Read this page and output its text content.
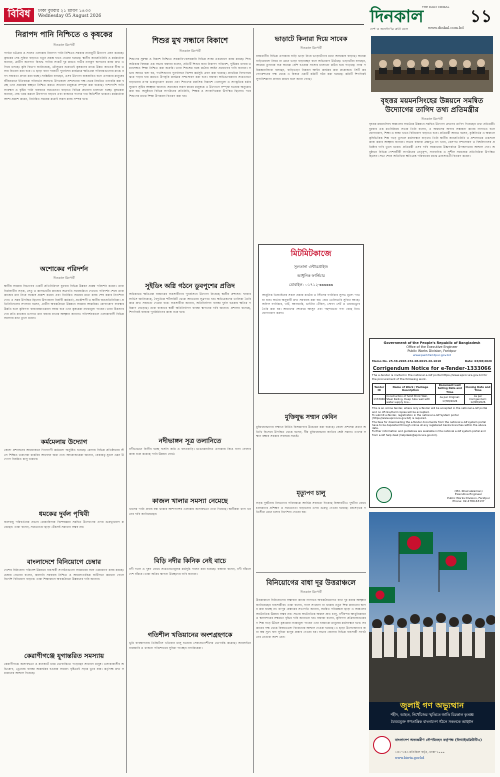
বিবিধ	ঢাকা বুধবার ২১ শ্রাবণ ১৪৩৩
Wednesday 05 August 2026	দিনকাল	১১
THE DAILY DINKAL
দেশ ও জনগণের কথা বলে	www.dinkal.com.bd
নিরাপদ পানি নিশ্চিতে ও কৃষকের
দিনকাল রিপোর্ট
পার্বত্য চট্টগ্রাম ও সংলগ্ন এলাকায় নিরাপদ পানি নিশ্চিতে সরকার নানামুখী উদ্যোগ গ্রহণ করেছে। কৃষকের সেচ সুবিধা বাড়াতে নতুন প্রকল্প হাতে নেওয়া হয়েছে। স্থানীয় জনপ্রতিনিধি ও কর্মকর্তারা জানান, গ্রামীণ জনপদে বিশুদ্ধ পানির সংকট দূর করতে গভীর নলকূপ স্থাপনের কাজ দ্রুত এগিয়ে চলছে। কৃষি বিভাগ জানিয়েছে, মৌসুমের শুরুতেই কৃষকদের মাঝে উন্নত জাতের বীজ ও সার বিতরণ করা হবে। এ ছাড়া বন্যা পরবর্তী পুনর্বাসন কার্যক্রমে ক্ষতিগ্রস্ত পরিবারগুলোর মাঝে নগদ সহায়তা প্রদান করা হচ্ছে। সংশ্লিষ্টরা বলছেন, এসব উদ্যোগ বাস্তবায়িত হলে এলাকার মানুষের জীবনমানে ইতিবাচক পরিবর্তন আসবে। উপজেলা প্রশাসনের পক্ষ থেকে নিয়মিত তদারকি করা হচ্ছে এবং প্রকল্পের স্বচ্ছতা নিশ্চিত করতে সাধারণ মানুষকে সম্পৃক্ত করা হয়েছে। পাশাপাশি পানি সংরক্ষণ ও বৃষ্টির পানি ব্যবহারে সচেতনতা বাড়াতে বিভিন্ন প্রচারণা চালানো হচ্ছে। কৃষকেরা জানান, সেচ খরচ কমলে উৎপাদন বাড়বে এবং বাজারে পণ্যের দাম স্থিতিশীল থাকবে। কর্মকর্তারা আশা প্রকাশ করেন, নির্ধারিত সময়ের মধ্যেই সকল কাজ সম্পন্ন হবে।
অশোকের পরিদর্শন
দিনকাল রিপোর্ট
স্থানীয় সরকার বিভাগের একটি প্রতিনিধিদল বুধবার বিভিন্ন উন্নয়ন প্রকল্প পরিদর্শন করেন। তারা নির্মাণাধীন সড়ক, সেতু ও কালভার্টের কাজের অগ্রগতি সরেজমিনে দেখেন। পরিদর্শন শেষে তারা কাজের মান নিয়ে সন্তোষ প্রকাশ করেন এবং নির্ধারিত সময়ের মধ্যে কাজ শেষ করার নির্দেশনা দেন। এ সময় উপস্থিত ছিলেন উপজেলা নির্বাহী কর্মকর্তা, প্রকৌশলী ও স্থানীয় জনপ্রতিনিধিরা। প্রতিনিধিদলের সদস্যরা বলেন, গ্রামীণ অবকাঠামো উন্নয়নে সরকার আন্তরিক। যোগাযোগ ব্যবস্থার উন্নতি হলে কৃষিপণ্য বাজারজাতকরণ সহজ হবে এবং কৃষকেরা ন্যায্যমূল্য পাবেন। তারা ঠিকাদারদের প্রতি কাজের গুণগত মান বজায় রাখার আহ্বান জানান। পরিদর্শনকালে এলাকাবাসী বিভিন্ন সমস্যার কথা তুলে ধরেন।
কর্মমেলায় উদ্যোগ
জেলা প্রশাসনের আয়োজনে দিনব্যাপী কর্মমেলা অনুষ্ঠিত হয়েছে। মেলায় বিভিন্ন প্রতিষ্ঠানের স্টলে শিক্ষিত তরুণেরা চাকরির আবেদন জমা দেন। আয়োজকেরা জানান, বেকারত্ব হ্রাসে এমন উদ্যোগ নিয়মিত চালু থাকবে।
ধমকের দুর্বল পৃথিবী
জলবায়ু পরিবর্তনের প্রভাব মোকাবিলায় বিশেষজ্ঞরা সমন্বিত উদ্যোগের ওপর গুরুত্বারোপ করেছেন। তারা বলেন, সচেতনতা ছাড়া টেকসই সমাধান সম্ভব নয়।
বাংলাদেশে বিনিয়োগে চেম্বার
দেশের বিনিয়োগ পরিবেশ উন্নয়নে ব্যবসায়ী সংগঠনগুলো সরকারের সঙ্গে একযোগে কাজ করছে। চেম্বার নেতারা বলেন, জ্বালানি সরবরাহ নিশ্চিত ও আমলাতান্ত্রিক জটিলতা কমানো গেলে বিদেশি বিনিয়োগ বাড়বে। তারা শিল্পাঞ্চলে অবকাঠামো উন্নয়নের দাবি জানান।
কেরাণীগঞ্জে যুগান্তরিত সমস্যায়
কেরাণীগঞ্জে জলাবদ্ধতা ও যানজটে চরম ভোগান্তিতে পড়েছেন সাধারণ মানুষ। এলাকাবাসীর অভিযোগ, ড্রেনেজ ব্যবস্থা অকার্যকর হওয়ায় সামান্য বৃষ্টিতেই সড়ক ডুবে যায়। কর্তৃপক্ষ দ্রুত সমাধানের আশ্বাস দিয়েছে।
শিশুর মুখ সন্ধানে বিকাশে
দিনকাল রিপোর্ট
শিশুদের সুরক্ষা ও বিকাশ নিশ্চিতে সরকারি-বেসরকারি বিভিন্ন সংস্থা একযোগে কাজ করছে। শিশু অধিকার বিষয়ক এক সভায় বক্তারা বলেন, প্রতিটি শিশুর জন্য নিরাপদ পরিবেশ, পুষ্টিকর খাবার ও মানসম্মত শিক্ষা নিশ্চিত করা জরুরি। তারা শিশুশ্রম বন্ধে কঠোর আইন প্রয়োগের দাবি জানান। সভায় আরও বলা হয়, পথশিশুদের পুনর্বাসনে বিশেষ কর্মসূচি গ্রহণ করা হয়েছে। প্রাথমিক বিদ্যালয়ে ঝরে পড়ার হার কমাতে উপবৃত্তি কার্যক্রম সম্প্রসারণ করা হবে। বক্তারা অভিভাবকদের সচেতনতা বাড়ানোর ওপর গুরুত্বারোপ করেন এবং শিশুদের মানসিক বিকাশে খেলাধুলা ও সাংস্কৃতিক চর্চার সুযোগ সৃষ্টির আহ্বান জানান। সমাজের সকল স্তরের মানুষকে এ উদ্যোগে সম্পৃক্ত হওয়ার অনুরোধ করা হয়। অনুষ্ঠানে বিভিন্ন সংগঠনের প্রতিনিধি, শিক্ষক ও সাংবাদিকেরা উপস্থিত ছিলেন। পরে শিশুদের মাঝে শিক্ষা উপকরণ বিতরণ করা হয়।
সুইডিং অগ্নি গঠনে ডুবপুশের প্রতিদ
অগ্নিকাণ্ডে ক্ষতিগ্রস্ত বাজারের ব্যবসায়ীদের পুনর্বাসনে উদ্যোগ নিয়েছে স্থানীয় প্রশাসন। ফায়ার সার্ভিস জানিয়েছে, বৈদ্যুতিক শর্টসার্কিট থেকে আগুনের সূত্রপাত হয়। ক্ষতিগ্রস্তদের তালিকা তৈরি করে দ্রুত সহায়তা দেওয়া হবে। ব্যবসায়ীরা জানান, অগ্নিনির্বাপণ ব্যবস্থা দুর্বল হওয়ায় ক্ষতির পরিমাণ বেড়েছে। তারা বাজারে স্থায়ী অগ্নিনির্বাপণ ব্যবস্থা স্থাপনের দাবি জানান। প্রশাসন বলেছে, শিগগিরই বাজার পুনর্নির্মাণের কাজ শুরু হবে।
নদীভাঙ্গন সূত্র তলানিতে
নদীভাঙনে বিলীন হচ্ছে ফসলি জমি ও বসতবাড়ি। ভাঙনকবলিত এলাকায় জিও ব্যাগ ফেলার কাজ শুরু করেছে পানি উন্নয়ন বোর্ড।
কাজল খালার সমস্যা নেমেছে
খালের পানি প্রবাহ বন্ধ থাকায় আশপাশের এলাকায় জলাবদ্ধতা দেখা দিয়েছে। স্থানীয়রা খাল খননের দাবি জানিয়েছেন।
বিড়ি নদীর কিনিক নেই বাচে
নদী দখল ও দূষণ রোধে সচেতনতামূলক কর্মসূচি পালন করা হয়েছে। বক্তারা বলেন, নদী বাঁচলে দেশ বাঁচবে। তারা অবৈধ স্থাপনা উচ্ছেদের দাবি জানান।
গতিশীল খতিয়ানের অংশগ্রহণকে
ভূমি ব্যবস্থাপনায় ডিজিটাল খতিয়ান চালু হওয়ায় সেবাপ্রত্যাশীদের ভোগান্তি কমেছে। অনলাইনে নামজারি ও খাজনা পরিশোধের সুবিধা পাচ্ছেন নাগরিকেরা।
ভাড়াটে কিনারা দিয়ে সাবেক
দিনকাল রিপোর্ট
রাজধানীর বিভিন্ন এলাকায় বাড়ি ভাড়া নিয়ে ভাড়াটেদের মধ্যে অসন্তোষ বাড়ছে। অনেক বাড়িওয়ালা নিয়ম না মেনে ভাড়া বাড়াচ্ছেন বলে অভিযোগ উঠেছে। ভাড়াটেরা বলছেন, আয়ের তুলনায় ব্যয় অনেক বেশি হওয়ায় সংসার চালানো কঠিন হয়ে পড়েছে। নগর পরিকল্পনাবিদরা বলছেন, বাড়িভাড়া নিয়ন্ত্রণ আইন কার্যকর করা প্রয়োজন। সিটি করপোরেশনের পক্ষ থেকে এ বিষয়ে একটি কমিটি গঠন করা হয়েছে। কমিটি শিগগিরই সুপারিশমালা প্রণয়ন করবে বলে জানা গেছে।
মিটমিটকাজে
সুলতানা এন্টারপ্রাইজ
আধুনিক ফার্নিচার
মোবাইল: ০১৭১২-xxxxxx
আধুনিক ডিজাইনের সকল প্রকার কাঠের ও স্টিলের ফার্নিচার সুলভ মূল্যে পাওয়া যায়। অর্ডার অনুযায়ী দ্রুত সরবরাহ করা হয়। হোম ডেলিভারি সুবিধা আছে। অফিস ফার্নিচার, খাট, আলমারি, ডাইনিং টেবিল, সোফা সেট ও ওয়ারড্রোব তৈরি করা হয়। আমাদের শোরুমে আসুন এবং পছন্দমতো পণ্য বেছে নিন। যোগাযোগ করুন।
বৃহত্তর ময়মনসিংহের উন্নয়নে সমন্বিত উদ্যোগের তাগিদ তথ্য প্রতিমন্ত্রীর
দিনকাল রিপোর্ট
বৃহত্তর ময়মনসিংহ অঞ্চলের সামগ্রিক উন্নয়নে সমন্বিত উদ্যোগ গ্রহণের তাগিদ দিয়েছেন তথ্য প্রতিমন্ত্রী। বুধবার এক মতবিনিময় সভায় তিনি বলেন, এ অঞ্চলের অপার সম্ভাবনা কাজে লাগাতে হলে যোগাযোগ, শিক্ষা ও স্বাস্থ্য খাতে বিনিয়োগ বাড়াতে হবে। প্রতিমন্ত্রী আরও বলেন, কৃষিনির্ভর এ অঞ্চলে কৃষিভিত্তিক শিল্প গড়ে তুললে কর্মসংস্থান বাড়বে। তিনি স্থানীয় জনপ্রতিনিধি ও প্রশাসনকে একসঙ্গে কাজ করার আহ্বান জানান। সভায় বক্তারা ব্রহ্মপুত্র নদ খনন, রেলপথ সম্প্রসারণ ও বিশ্ববিদ্যালয় প্রতিষ্ঠার দাবি তুলে ধরেন। প্রতিমন্ত্রী এসব দাবি সরকারের উচ্চপর্যায়ে উপস্থাপনের আশ্বাস দেন। অনুষ্ঠানে বিভিন্ন পেশাজীবী সংগঠনের নেতৃবৃন্দ, সাংবাদিক ও সুশীল সমাজের প্রতিনিধিরা উপস্থিত ছিলেন। সভা শেষে অতিথিরা ক্ষতিগ্রস্ত পরিবারের মাঝে ত্রাণসামগ্রী বিতরণ করেন।
Government of the People's Republic of Bangladesh
Office of the Executive Engineer
Public Works Division, Faridpur
www.pwd.faridpur.gov.bd
Memo No. 25.36.2903.152.08.0015.26-1018	Date: 04/08/2026
Corrigendum Notice for e-Tender-1333066
The e-tender is invited in the national e-GP portal https://www.eprocure.gov.bd for the procurement of the following work.
Tender ID	Name of Work / Package Description	Document Last Selling Date and Time	Closing Date and Time
1333066	Construction of Solid Brick Wall, Steel Railing, Deep tube well with water supply line...	As per Original: 17/08/2026	As per Corrigendum: 12/08/2026
This is an online tender, where only e-Tender will be accepted in the national e-GP portal and no off-line/hard copies will be accepted.
To submit e-Tender, registration in the national e-GP System portal (https://www.eprocure.gov.bd) is required.
The fees for downloading the e-Tender documents from the national e-GP system portal have to be deposited through online at any registered banks branches within the above date.
Further information and guidelines are available in the national e-GP system portal and from e-GP help desk (helpdesk@eprocure.gov.bd).
(Md. Khairuzzaman)
Executive Engineer
Public Works Division, Faridpur
Phone: 02-4789-63137
মুক্তিযুদ্ধ সম্মান কেবিন
মুক্তিযোদ্ধাদের সম্মানে নির্মিত বিশ্রামাগার উদ্বোধন করা হয়েছে। জেলা প্রশাসক প্রধান অতিথি হিসেবে উপস্থিত থেকে বলেন, বীর মুক্তিযোদ্ধারা জাতির শ্রেষ্ঠ সন্তান। তাদের সম্মান রক্ষায় সরকার সবসময় সচেষ্ট।
মৃত্যুপণ চালু
সড়ক দুর্ঘটনায় নিহতদের পরিবারকে আর্থিক সহায়তা দিয়েছে বিআরটিএ। দুর্ঘটনা রোধে চালকদের প্রশিক্ষণ ও সচেতনতা বাড়ানোর ওপর গুরুত্ব দেওয়া হয়েছে। মহাসড়কে গতিসীমা মেনে চলার নির্দেশনা দেওয়া হয়।
বিনিয়োগের বাধা দূর উত্তরাঞ্চলে
দিনকাল রিপোর্ট
উত্তরাঞ্চলে বিনিয়োগের সম্ভাবনা কাজে লাগাতে অবকাঠামোগত বাধা দূর করার আহ্বান জানিয়েছেন ব্যবসায়ীরা। তারা বলেন, গ্যাস সংযোগ না থাকায় নতুন শিল্প কারখানা স্থাপন করা যাচ্ছে না। রংপুর চেম্বারের সভাপতি জানান, সমন্বিত পরিকল্পনা ছাড়া এ অঞ্চলের অর্থনৈতিক উন্নয়ন সম্ভব নয়। সভায় অর্থনৈতিক অঞ্চল দ্রুত চালু, নদীবন্দর আধুনিকায়ন ও স্থলবন্দরের সক্ষমতা বৃদ্ধির দাবি জানানো হয়। বক্তারা বলেন, কৃষিপণ্য প্রক্রিয়াজাতকরণ শিল্প গড়ে উঠলে কৃষকেরা ন্যায্যমূল্য পাবেন এবং হাজারো মানুষের কর্মসংস্থান হবে। সরকারের পক্ষ থেকে বিষয়গুলো বিবেচনার আশ্বাস দেওয়া হয়েছে। এ ছাড়া উদ্যোক্তাদের জন্য স্বল্প সুদে ঋণ সুবিধা চালুর প্রস্তাব দেওয়া হয়। সভায় জেলার বিভিন্ন ব্যবসায়ী সংগঠনের নেতারা অংশ নেন।
জুলাই গণ অভ্যুত্থান
শহীদ, আহত, নিখোঁজের স্মৃতিতে জাতি চিরকাল কৃতজ্ঞ
বৈষম্যমুক্ত গণতান্ত্রিক বাংলাদেশ গঠনে সকলকে আহ্বান
বাংলাদেশ অভ্যন্তরীণ নৌপরিবহন কর্তৃপক্ষ (বিআইডব্লিউটিএ)
১৪১-১৪৩ মতিঝিল বা/এ, ঢাকা-১০০০
www.biwta.gov.bd
